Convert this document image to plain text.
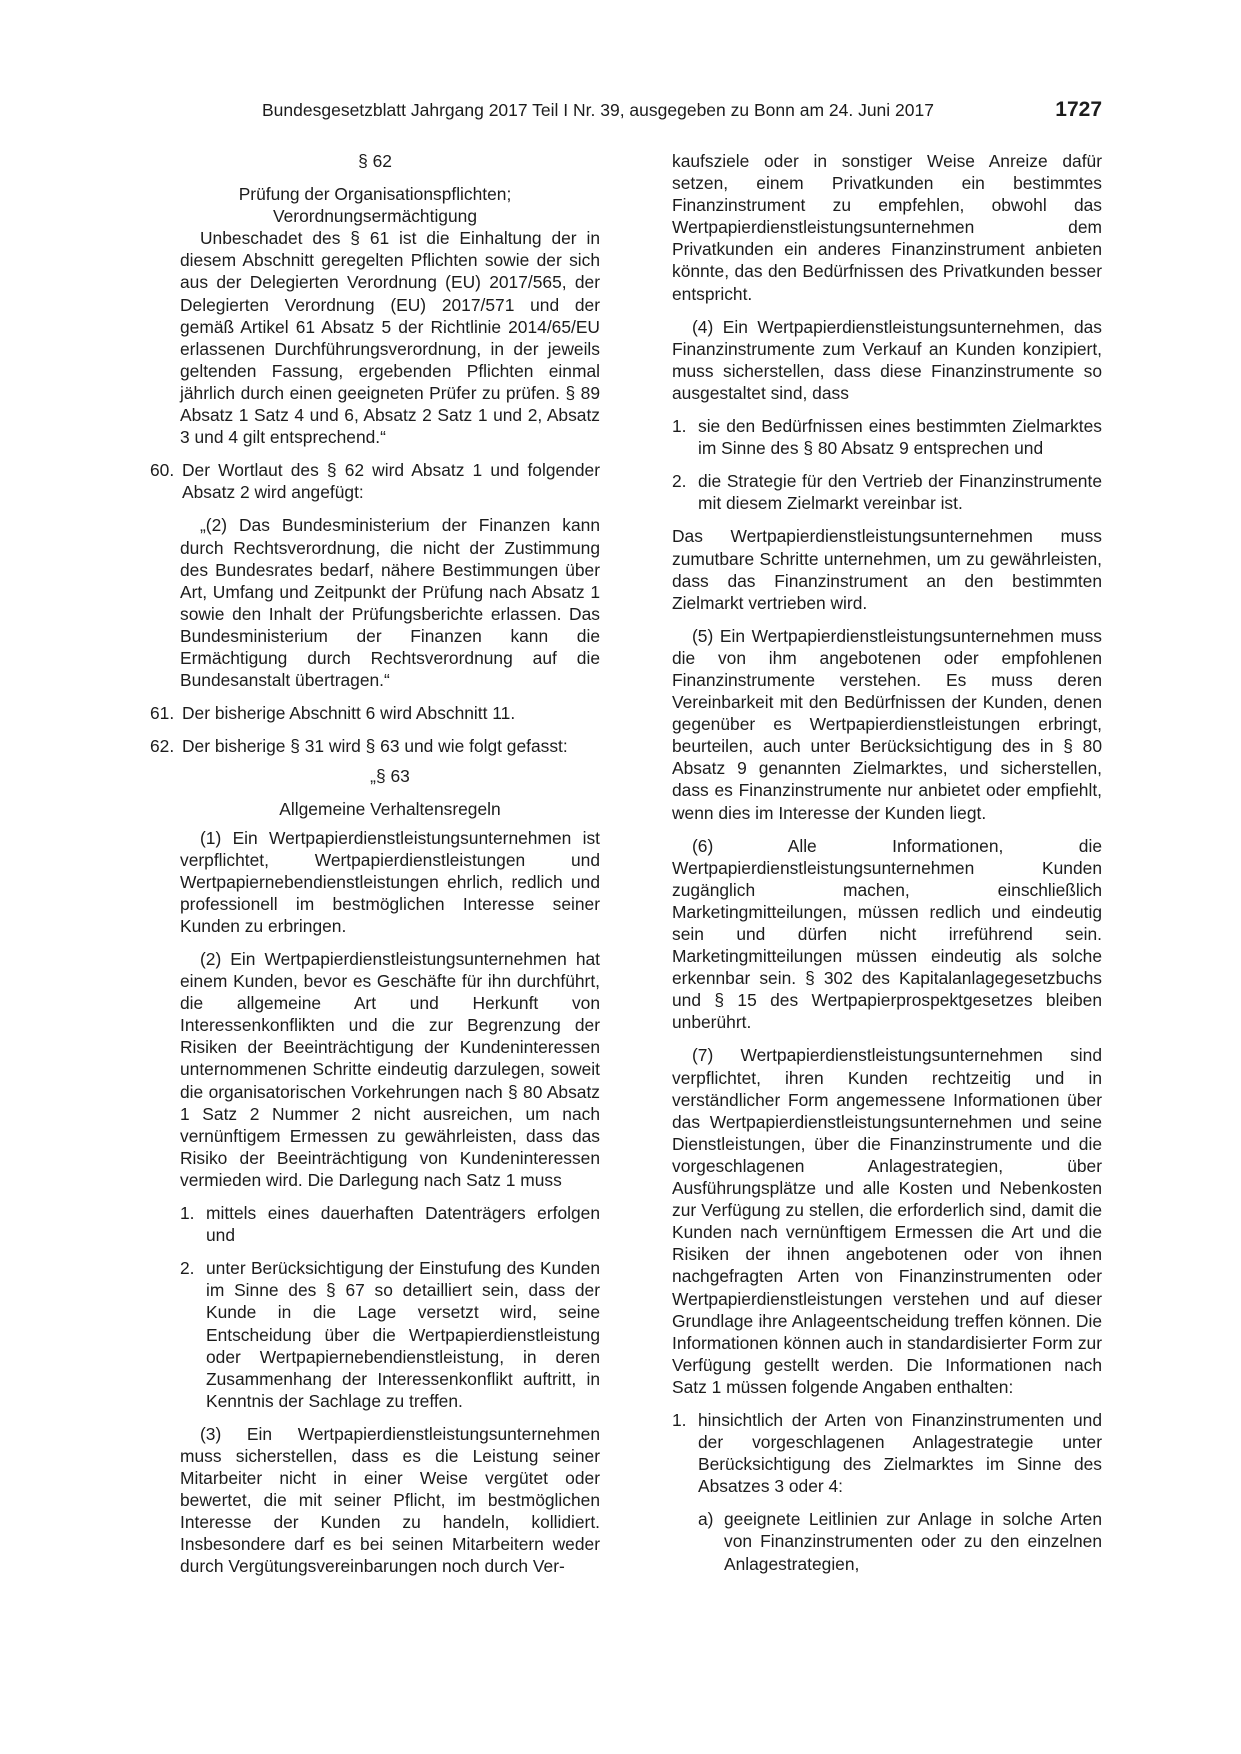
Bundesgesetzblatt Jahrgang 2017 Teil I Nr. 39, ausgegeben zu Bonn am 24. Juni 2017	1727

§ 62

Prüfung der Organisationspflichten;

Verordnungsermächtigung

Unbeschadet des § 61 ist die Einhaltung der in diesem Abschnitt geregelten Pflichten sowie der sich aus der Delegierten Verordnung (EU) 2017/565, der Delegierten Verordnung (EU) 2017/571 und der gemäß Artikel 61 Absatz 5 der Richtlinie 2014/65/EU erlassenen Durchführungsverordnung, in der jeweils geltenden Fassung, ergebenden Pflichten einmal jährlich durch einen geeigneten Prüfer zu prüfen. § 89 Absatz 1 Satz 4 und 6, Absatz 2 Satz 1 und 2, Absatz 3 und 4 gilt entsprechend.“

60. Der Wortlaut des § 62 wird Absatz 1 und folgender Absatz 2 wird angefügt:

„(2) Das Bundesministerium der Finanzen kann durch Rechtsverordnung, die nicht der Zustimmung des Bundesrates bedarf, nähere Bestimmungen über Art, Umfang und Zeitpunkt der Prüfung nach Absatz 1 sowie den Inhalt der Prüfungsberichte erlassen. Das Bundesministerium der Finanzen kann die Ermächtigung durch Rechtsverordnung auf die Bundesanstalt übertragen.“

61. Der bisherige Abschnitt 6 wird Abschnitt 11.
62. Der bisherige § 31 wird § 63 und wie folgt gefasst:

„§ 63

Allgemeine Verhaltensregeln

(1) Ein Wertpapierdienstleistungsunternehmen ist verpflichtet, Wertpapierdienstleistungen und Wertpapiernebendienstleistungen ehrlich, redlich und professionell im bestmöglichen Interesse seiner Kunden zu erbringen.

(2) Ein Wertpapierdienstleistungsunternehmen hat einem Kunden, bevor es Geschäfte für ihn durchführt, die allgemeine Art und Herkunft von Interessenkonflikten und die zur Begrenzung der Risiken der Beeinträchtigung der Kundeninteressen unternommenen Schritte eindeutig darzulegen, soweit die organisatorischen Vorkehrungen nach § 80 Absatz 1 Satz 2 Nummer 2 nicht ausreichen, um nach vernünftigem Ermessen zu gewährleisten, dass das Risiko der Beeinträchtigung von Kundeninteressen vermieden wird. Die Darlegung nach Satz 1 muss

1. mittels eines dauerhaften Datenträgers erfolgen und
2. unter Berücksichtigung der Einstufung des Kunden im Sinne des § 67 so detailliert sein, dass der Kunde in die Lage versetzt wird, seine Entscheidung über die Wertpapierdienstleistung oder Wertpapiernebendienstleistung, in deren Zusammenhang der Interessenkonflikt auftritt, in Kenntnis der Sachlage zu treffen.

(3) Ein Wertpapierdienstleistungsunternehmen muss sicherstellen, dass es die Leistung seiner Mitarbeiter nicht in einer Weise vergütet oder bewertet, die mit seiner Pflicht, im bestmöglichen Interesse der Kunden zu handeln, kollidiert. Insbesondere darf es bei seinen Mitarbeitern weder durch Vergütungsvereinbarungen noch durch Ver-

kaufsziele oder in sonstiger Weise Anreize dafür setzen, einem Privatkunden ein bestimmtes Finanzinstrument zu empfehlen, obwohl das Wertpapierdienstleistungsunternehmen dem Privatkunden ein anderes Finanzinstrument anbieten könnte, das den Bedürfnissen des Privatkunden besser entspricht.

(4) Ein Wertpapierdienstleistungsunternehmen, das Finanzinstrumente zum Verkauf an Kunden konzipiert, muss sicherstellen, dass diese Finanzinstrumente so ausgestaltet sind, dass

1. sie den Bedürfnissen eines bestimmten Zielmarktes im Sinne des § 80 Absatz 9 entsprechen und
2. die Strategie für den Vertrieb der Finanzinstrumente mit diesem Zielmarkt vereinbar ist.

Das Wertpapierdienstleistungsunternehmen muss zumutbare Schritte unternehmen, um zu gewährleisten, dass das Finanzinstrument an den bestimmten Zielmarkt vertrieben wird.

(5) Ein Wertpapierdienstleistungsunternehmen muss die von ihm angebotenen oder empfohlenen Finanzinstrumente verstehen. Es muss deren Vereinbarkeit mit den Bedürfnissen der Kunden, denen gegenüber es Wertpapierdienstleistungen erbringt, beurteilen, auch unter Berücksichtigung des in § 80 Absatz 9 genannten Zielmarktes, und sicherstellen, dass es Finanzinstrumente nur anbietet oder empfiehlt, wenn dies im Interesse der Kunden liegt.

(6) Alle Informationen, die Wertpapierdienstleistungsunternehmen Kunden zugänglich machen, einschließlich Marketingmitteilungen, müssen redlich und eindeutig sein und dürfen nicht irreführend sein. Marketingmitteilungen müssen eindeutig als solche erkennbar sein. § 302 des Kapitalanlagegesetzbuchs und § 15 des Wertpapierprospektgesetzes bleiben unberührt.

(7) Wertpapierdienstleistungsunternehmen sind verpflichtet, ihren Kunden rechtzeitig und in verständlicher Form angemessene Informationen über das Wertpapierdienstleistungsunternehmen und seine Dienstleistungen, über die Finanzinstrumente und die vorgeschlagenen Anlagestrategien, über Ausführungsplätze und alle Kosten und Nebenkosten zur Verfügung zu stellen, die erforderlich sind, damit die Kunden nach vernünftigem Ermessen die Art und die Risiken der ihnen angebotenen oder von ihnen nachgefragten Arten von Finanzinstrumenten oder Wertpapierdienstleistungen verstehen und auf dieser Grundlage ihre Anlageentscheidung treffen können. Die Informationen können auch in standardisierter Form zur Verfügung gestellt werden. Die Informationen nach Satz 1 müssen folgende Angaben enthalten:

1. hinsichtlich der Arten von Finanzinstrumenten und der vorgeschlagenen Anlagestrategie unter Berücksichtigung des Zielmarktes im Sinne des Absatzes 3 oder 4:
a) geeignete Leitlinien zur Anlage in solche Arten von Finanzinstrumenten oder zu den einzelnen Anlagestrategien,
